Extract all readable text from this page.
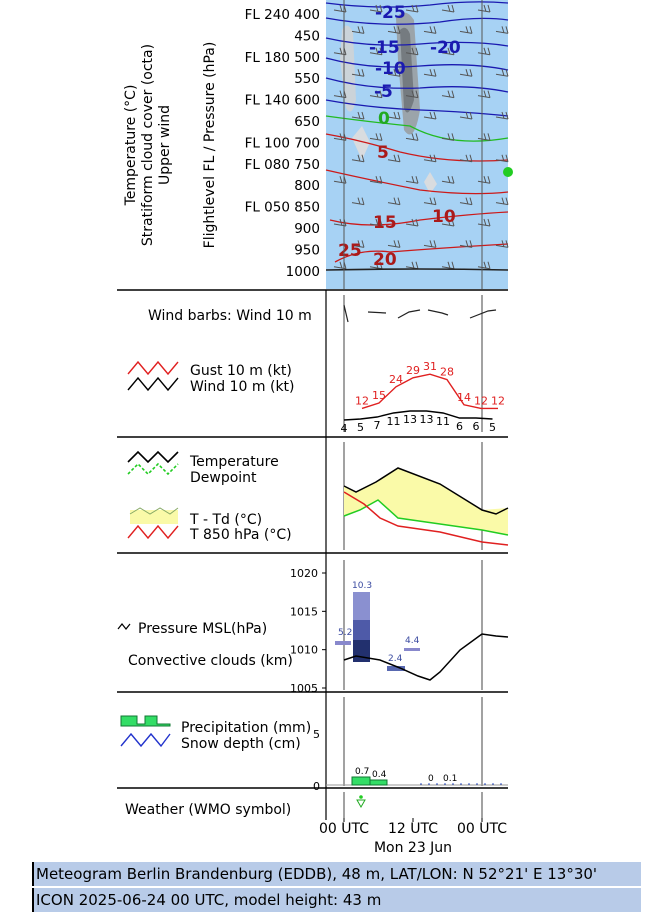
-25
-15 -20
-10
-5
0
5
15 10
25 20
FL 240 400
450
FL 180 500
550
FL 140 600
650
FL 100 700
FL 080 750
800
FL 050 850
900
950
1000
Temperature (°C) Stratiform cloud cover (octa) Upper wind Flightlevel FL / Pressure (hPa)
Wind barbs: Wind 10 m
Gust 10 m (kt)
Wind 10 m (kt)
12 15
24
29 31 28
14 12 12
4 5 7 11 13 13 11 6 6 5
Temperature
Dewpoint
T - Td (°C)
T 850 hPa (°C)
1020
1015
1010
1005
5.2
10.3
2.4
4.4
Pressure MSL(hPa)
Convective clouds (km)
5
0
0.7 0.4	0 0.1
Precipitation (mm)
Snow depth (cm)
Weather (WMO symbol)
00 UTC 12 UTC 00 UTC
Mon 23 Jun
Meteogram Berlin Brandenburg (EDDB), 48 m, LAT/LON: N 52°21' E 13°30'
ICON 2025-06-24 00 UTC, model height: 43 m
